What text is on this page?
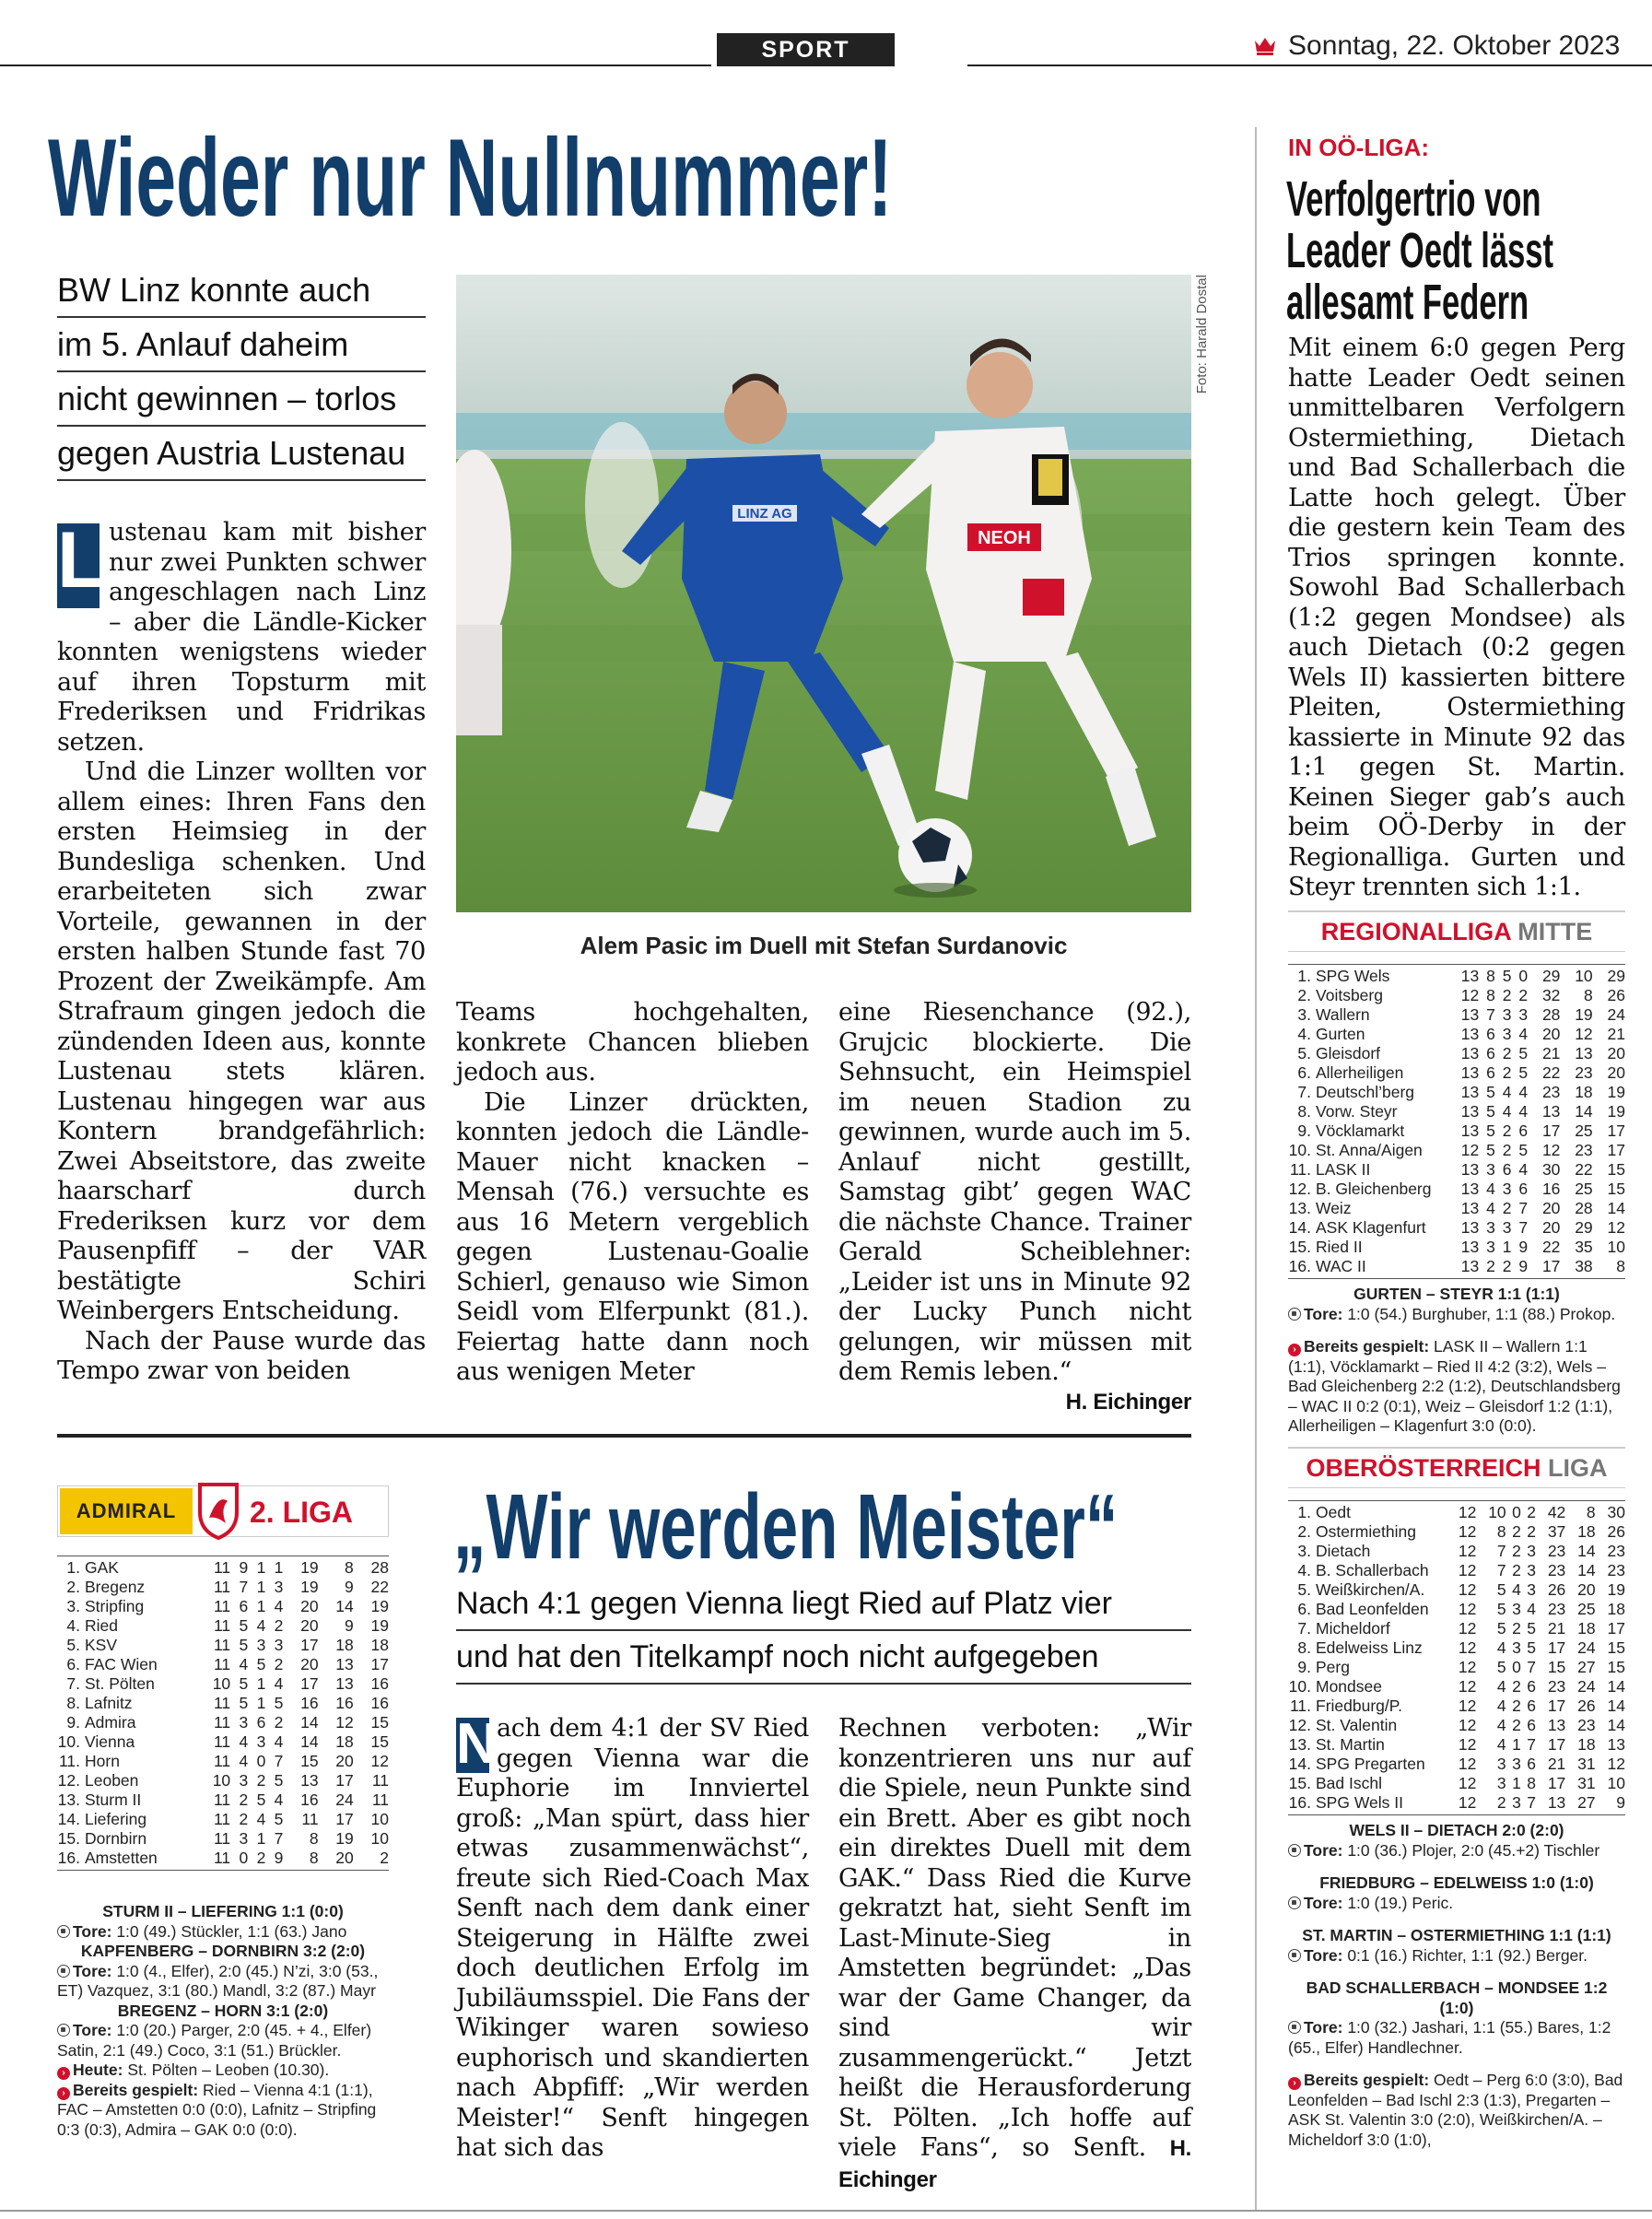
SPORT	Sonntag, 22. Oktober 2023
Wieder nur Nullnummer!
BW Linz konnte auch
im 5. Anlauf daheim
nicht gewinnen – torlos
gegen Austria Lustenau
LINZ AG
NEOH
Foto: Harald Dostal
Alem Pasic im Duell mit Stefan Surdanovic

L ustenau kam mit bisher nur zwei Punkten schwer angeschlagen nach Linz – aber die Ländle-Kicker konnten wenigstens wieder auf ihren Topsturm mit Frederiksen und Fridrikas setzen.

Und die Linzer wollten vor allem eines: Ihren Fans den ersten Heimsieg in der Bundesliga schenken. Und erarbeiteten sich zwar Vorteile, gewannen in der ersten halben Stunde fast 70 Prozent der Zweikämpfe. Am Strafraum gingen jedoch die zündenden Ideen aus, konnte Lustenau stets klären. Lustenau hingegen war aus Kontern brandgefährlich: Zwei Abseitstore, das zweite haarscharf durch Frederiksen kurz vor dem Pausenpfiff – der VAR bestätigte Schiri Weinbergers Entscheidung.

Nach der Pause wurde das Tempo zwar von beiden

Teams hochgehalten, konkrete Chancen blieben jedoch aus.

Die Linzer drückten, konnten jedoch die Ländle-Mauer nicht knacken – Mensah (76.) versuchte es aus 16 Metern vergeblich gegen Lustenau-Goalie Schierl, genauso wie Simon Seidl vom Elferpunkt (81.). Feiertag hatte dann noch aus wenigen Meter

eine Riesenchance (92.), Grujcic blockierte. Die Sehnsucht, ein Heimspiel im neuen Stadion zu gewinnen, wurde auch im 5. Anlauf nicht gestillt, Samstag gibt’ gegen WAC die nächste Chance. Trainer Gerald Scheiblehner: „Leider ist uns in Minute 92 der Lucky Punch nicht gelungen, wir müssen mit dem Remis leben.“
H. Eichinger

ADMIRAL	2. LIGA
1.	GAK	11	9	1	1	19	8	28
2.	Bregenz	11	7	1	3	19	9	22
3.	Stripfing	11	6	1	4	20	14	19
4.	Ried	11	5	4	2	20	9	19
5.	KSV	11	5	3	3	17	18	18
6.	FAC Wien	11	4	5	2	20	13	17
7.	St. Pölten	10	5	1	4	17	13	16
8.	Lafnitz	11	5	1	5	16	16	16
9.	Admira	11	3	6	2	14	12	15
10.	Vienna	11	4	3	4	14	18	15
11.	Horn	11	4	0	7	15	20	12
12.	Leoben	10	3	2	5	13	17	11
13.	Sturm II	11	2	5	4	16	24	11
14.	Liefering	11	2	4	5	11	17	10
15.	Dornbirn	11	3	1	7	8	19	10
16.	Amstetten	11	0	2	9	8	20	2
STURM II – LIEFERING 1:1 (0:0)
Tore: 1:0 (49.) Stückler, 1:1 (63.) Jano
KAPFENBERG – DORNBIRN 3:2 (2:0)
Tore: 1:0 (4., Elfer), 2:0 (45.) N’zi, 3:0 (53., ET) Vazquez, 3:1 (80.) Mandl, 3:2 (87.) Mayr
BREGENZ – HORN 3:1 (2:0)
Tore: 1:0 (20.) Parger, 2:0 (45. + 4., Elfer) Satin, 2:1 (49.) Coco, 3:1 (51.) Brückler.
› Heute: St. Pölten – Leoben (10.30).
› Bereits gespielt: Ried – Vienna 4:1 (1:1), FAC – Amstetten 0:0 (0:0), Lafnitz – Stripfing 0:3 (0:3), Admira – GAK 0:0 (0:0).
„Wir werden Meister“
Nach 4:1 gegen Vienna liegt Ried auf Platz vier
und hat den Titelkampf noch nicht aufgegeben

N ach dem 4:1 der SV Ried gegen Vienna war die Euphorie im Innviertel groß: „Man spürt, dass hier etwas zusammenwächst“, freute sich Ried-Coach Max Senft nach dem dank einer Steigerung in Hälfte zwei doch deutlichen Erfolg im Jubiläumsspiel. Die Fans der Wikinger waren sowieso euphorisch und skandierten nach Abpfiff: „Wir werden Meister!“ Senft hingegen hat sich das

Rechnen verboten: „Wir konzentrieren uns nur auf die Spiele, neun Punkte sind ein Brett. Aber es gibt noch ein direktes Duell mit dem GAK.“ Dass Ried die Kurve gekratzt hat, sieht Senft im Last-Minute-Sieg in Amstetten begründet: „Das war der Game Changer, da sind wir zusammengerückt.“ Jetzt heißt die Herausforderung St. Pölten. „Ich hoffe auf viele Fans“, so Senft. H. Eichinger

IN OÖ-LIGA:
Verfolgertrio von
Leader Oedt lässt
allesamt Federn

Mit einem 6:0 gegen Perg hatte Leader Oedt seinen unmittelbaren Verfolgern Ostermiething, Dietach und Bad Schallerbach die Latte hoch gelegt. Über die gestern kein Team des Trios springen konnte. Sowohl Bad Schallerbach (1:2 gegen Mondsee) als auch Dietach (0:2 gegen Wels II) kassierten bittere Pleiten, Ostermiething kassierte in Minute 92 das 1:1 gegen St. Martin. Keinen Sieger gab’s auch beim OÖ-Derby in der Regionalliga. Gurten und Steyr trennten sich 1:1.

REGIONALLIGA MITTE
1.	SPG Wels	13	8	5	0	29	10	29
2.	Voitsberg	12	8	2	2	32	8	26
3.	Wallern	13	7	3	3	28	19	24
4.	Gurten	13	6	3	4	20	12	21
5.	Gleisdorf	13	6	2	5	21	13	20
6.	Allerheiligen	13	6	2	5	22	23	20
7.	Deutschl’berg	13	5	4	4	23	18	19
8.	Vorw. Steyr	13	5	4	4	13	14	19
9.	Vöcklamarkt	13	5	2	6	17	25	17
10.	St. Anna/Aigen	12	5	2	5	12	23	17
11.	LASK II	13	3	6	4	30	22	15
12.	B. Gleichenberg	13	4	3	6	16	25	15
13.	Weiz	13	4	2	7	20	28	14
14.	ASK Klagenfurt	13	3	3	7	20	29	12
15.	Ried II	13	3	1	9	22	35	10
16.	WAC II	13	2	2	9	17	38	8
GURTEN – STEYR 1:1 (1:1)
Tore: 1:0 (54.) Burghuber, 1:1 (88.) Prokop.
› Bereits gespielt: LASK II – Wallern 1:1 (1:1), Vöcklamarkt – Ried II 4:2 (3:2), Wels – Bad Gleichenberg 2:2 (1:2), Deutschlandsberg – WAC II 0:2 (0:1), Weiz – Gleisdorf 1:2 (1:1), Allerheiligen – Klagenfurt 3:0 (0:0).
OBERÖSTERREICH LIGA
1.	Oedt	12	10	0	2	42	8	30
2.	Ostermiething	12	8	2	2	37	18	26
3.	Dietach	12	7	2	3	23	14	23
4.	B. Schallerbach	12	7	2	3	23	14	23
5.	Weißkirchen/A.	12	5	4	3	26	20	19
6.	Bad Leonfelden	12	5	3	4	23	25	18
7.	Micheldorf	12	5	2	5	21	18	17
8.	Edelweiss Linz	12	4	3	5	17	24	15
9.	Perg	12	5	0	7	15	27	15
10.	Mondsee	12	4	2	6	23	24	14
11.	Friedburg/P.	12	4	2	6	17	26	14
12.	St. Valentin	12	4	2	6	13	23	14
13.	St. Martin	12	4	1	7	17	18	13
14.	SPG Pregarten	12	3	3	6	21	31	12
15.	Bad Ischl	12	3	1	8	17	31	10
16.	SPG Wels II	12	2	3	7	13	27	9
WELS II – DIETACH 2:0 (2:0)
Tore: 1:0 (36.) Plojer, 2:0 (45.+2) Tischler
FRIEDBURG – EDELWEISS 1:0 (1:0)
Tore: 1:0 (19.) Peric.
ST. MARTIN – OSTERMIETHING 1:1 (1:1)
Tore: 0:1 (16.) Richter, 1:1 (92.) Berger.
BAD SCHALLERBACH – MONDSEE 1:2 (1:0)
Tore: 1:0 (32.) Jashari, 1:1 (55.) Bares, 1:2 (65., Elfer) Handlechner.
› Bereits gespielt: Oedt – Perg 6:0 (3:0), Bad Leonfelden – Bad Ischl 2:3 (1:3), Pregarten – ASK St. Valentin 3:0 (2:0), Weißkirchen/A. – Micheldorf 3:0 (1:0),
